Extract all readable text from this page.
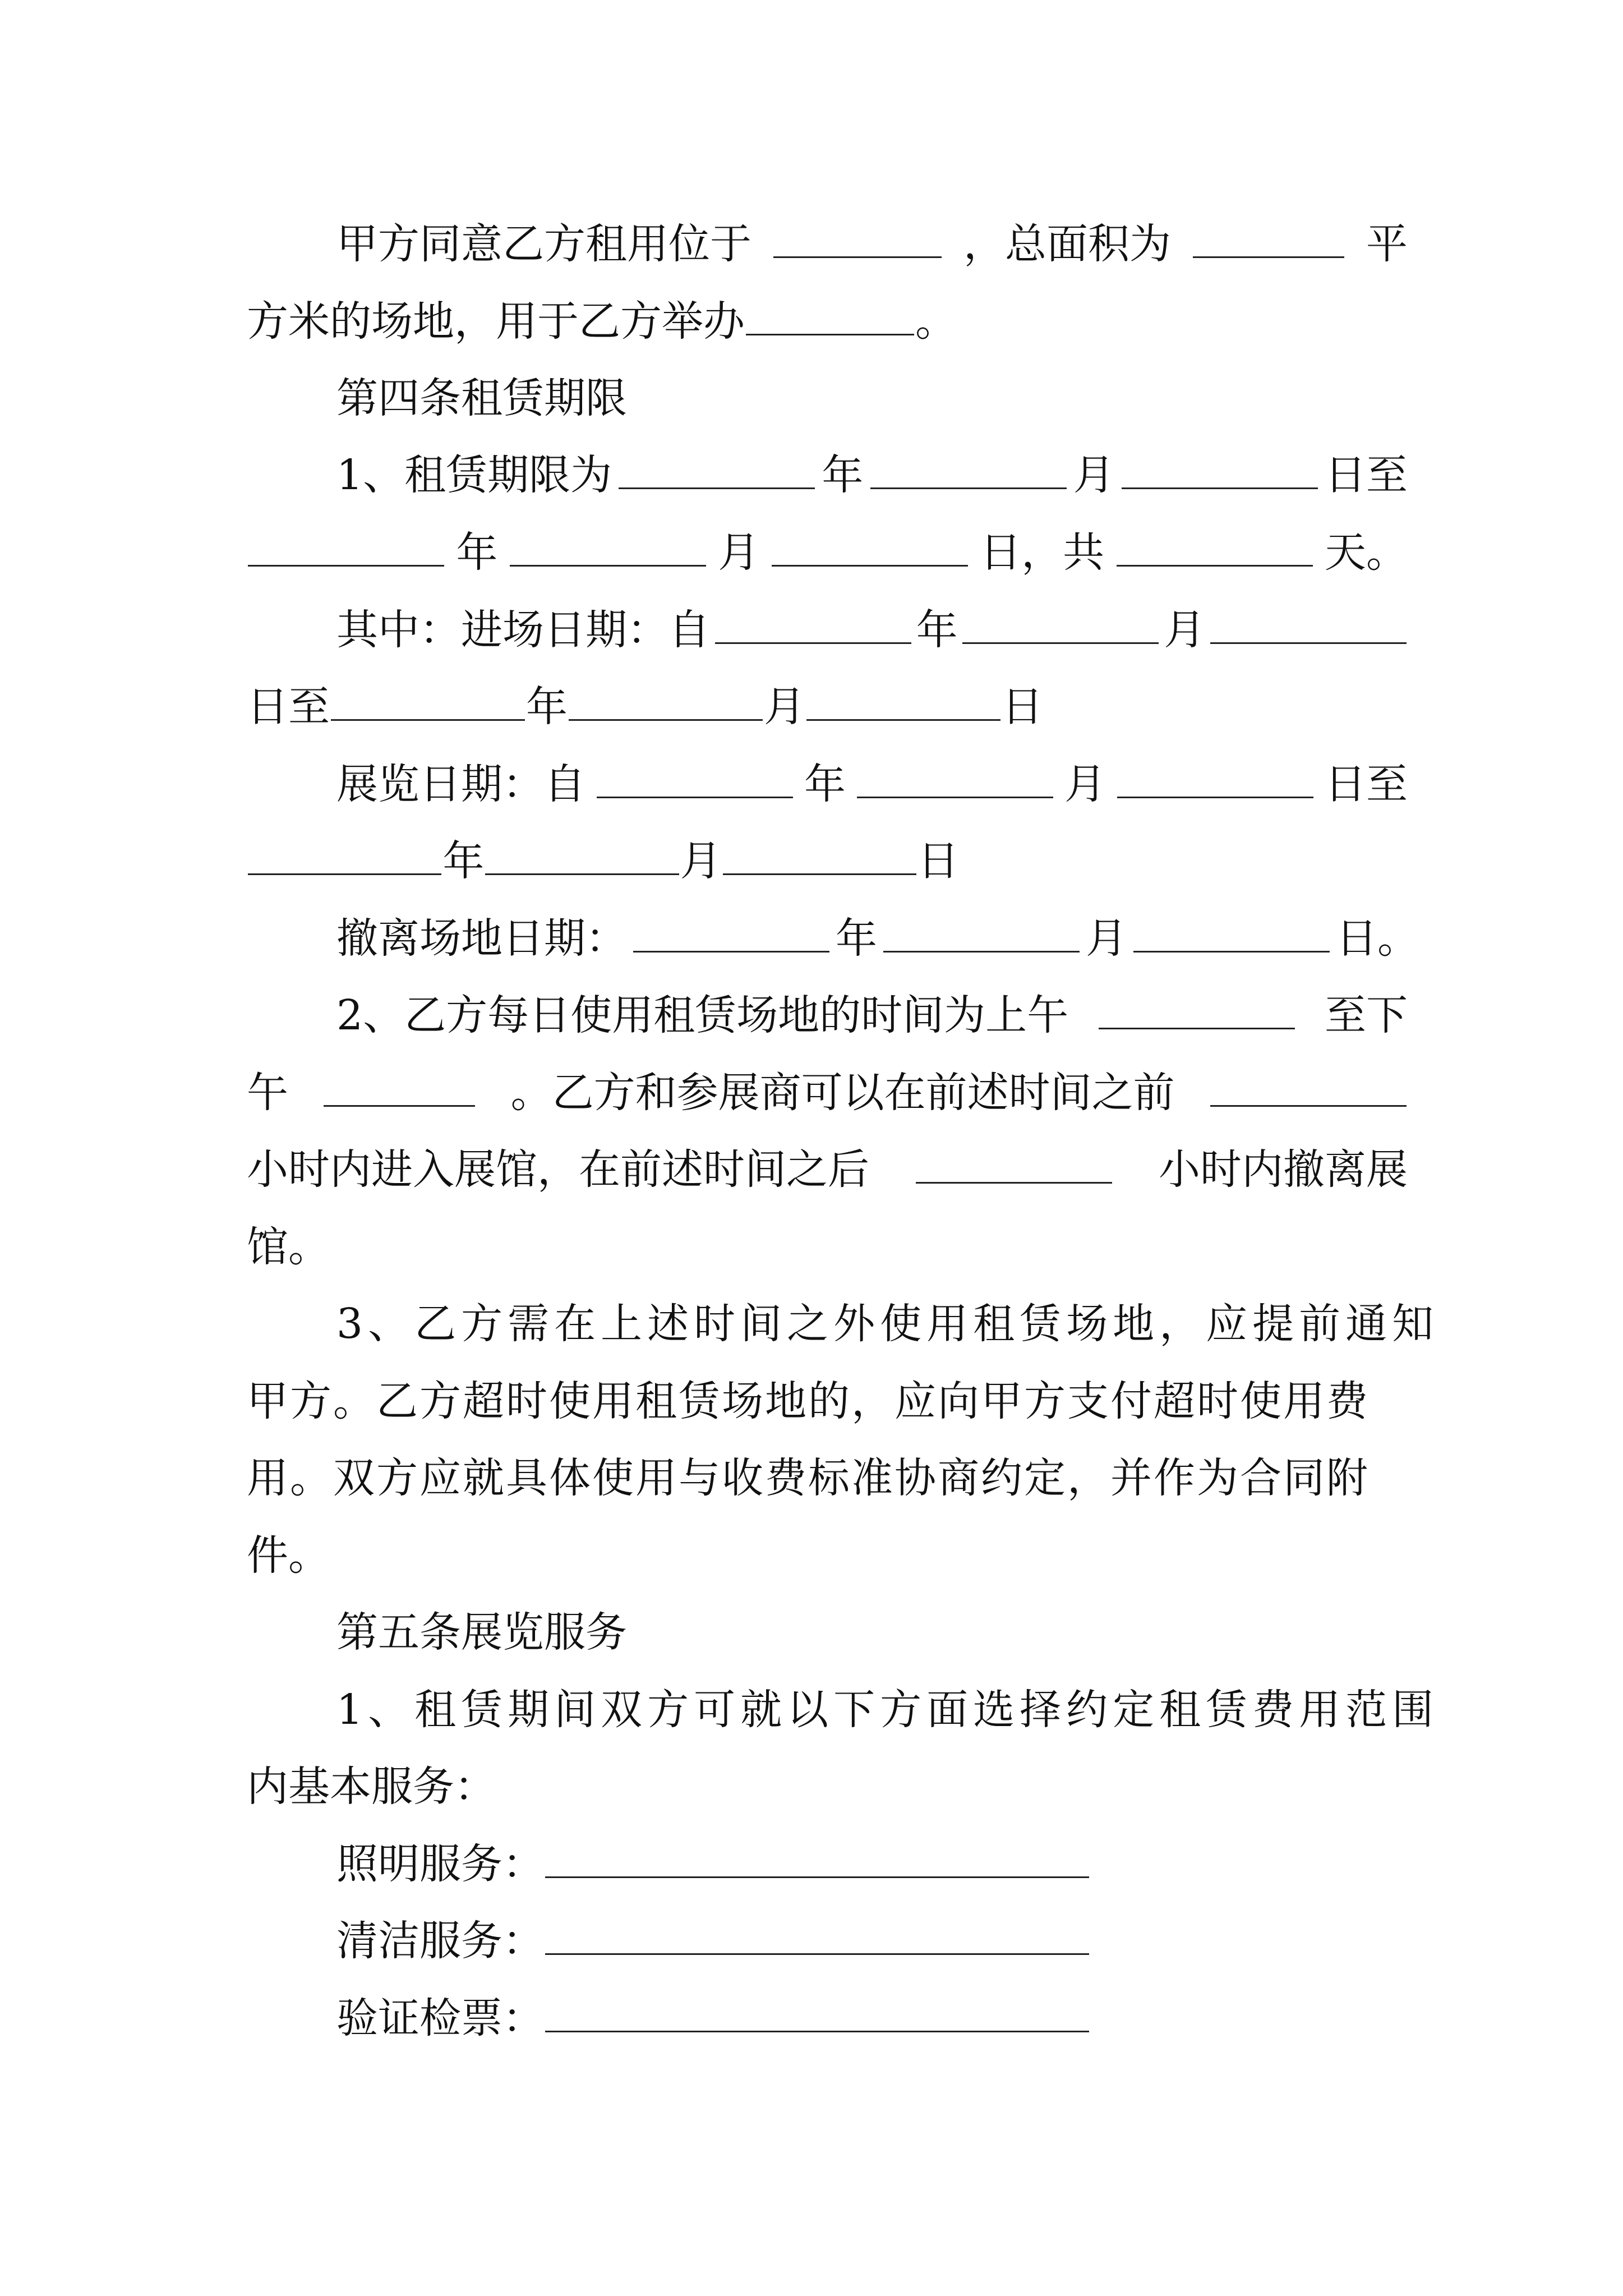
甲方同意乙方租用位于	，总面积为	平
方米的场地，用于乙方举办	。
第四条租赁期限
1、租赁期限为	年	月	日至
年	月	日，共	天。
其中：进场日期：自	年	月
日至	年	月	日
展览日期：自	年	月	日至
年	月	日
撤离场地日期：	年	月	日。
2、乙方每日使用租赁场地的时间为上午	至下
午	。乙方和参展商可以在前述时间之前
小时内进入展馆，在前述时间之后	小时内撤离展
馆。
3、乙方需在上述时间之外使用租赁场地，应提前通知
甲方。乙方超时使用租赁场地的，应向甲方支付超时使用费
用。双方应就具体使用与收费标准协商约定，并作为合同附
件。
第五条展览服务
1、租赁期间双方可就以下方面选择约定租赁费用范围
内基本服务：
照明服务：
清洁服务：
验证检票：
